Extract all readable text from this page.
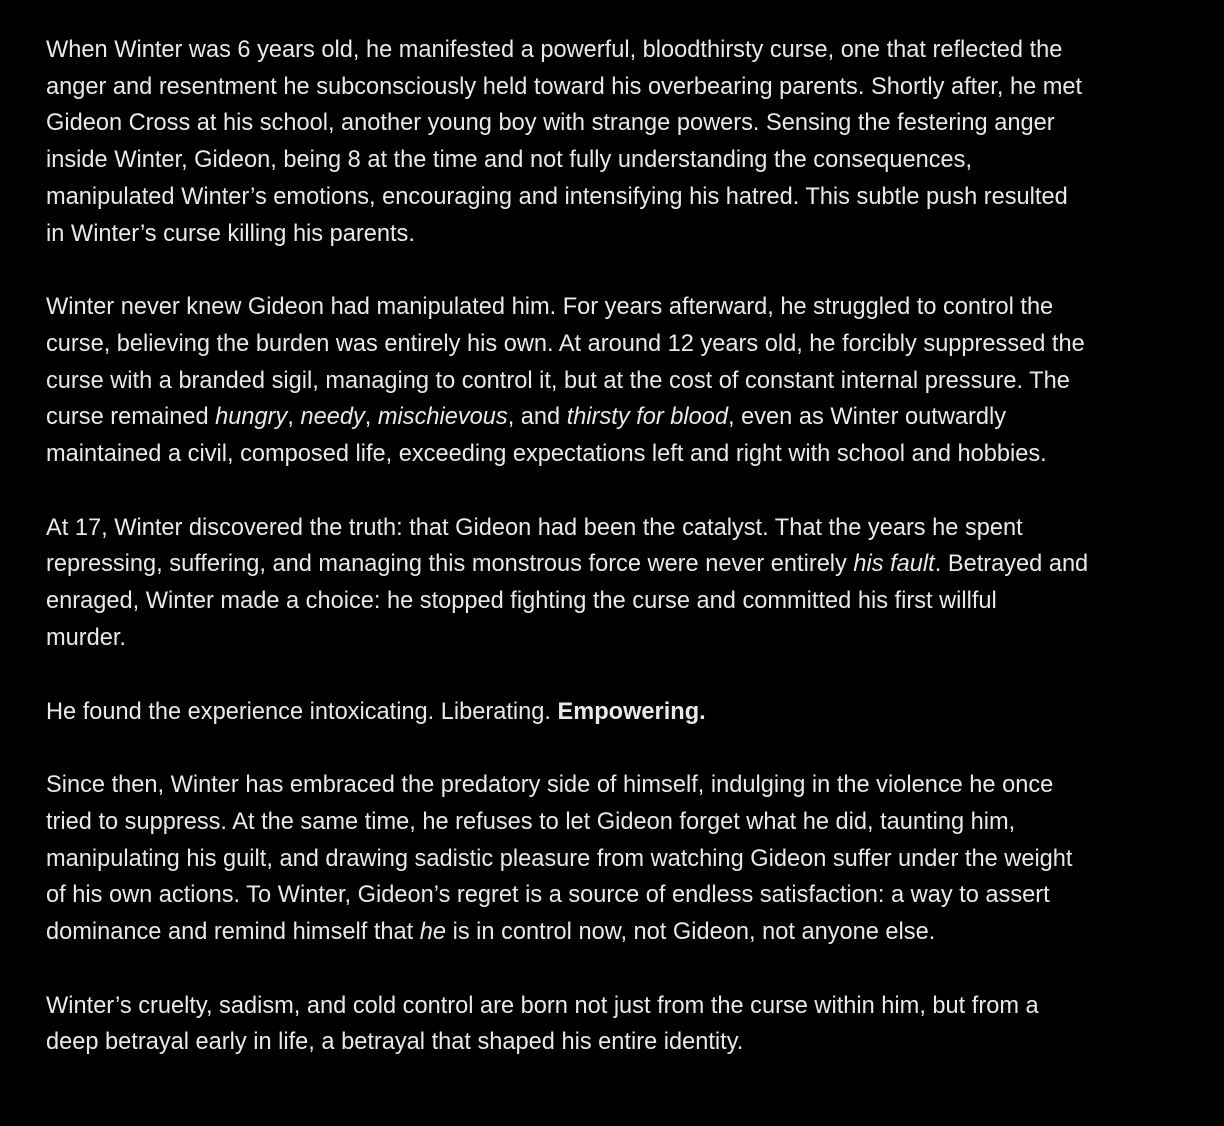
When Winter was 6 years old, he manifested a powerful, bloodthirsty curse, one that reflected the
anger and resentment he subconsciously held toward his overbearing parents. Shortly after, he met
Gideon Cross at his school, another young boy with strange powers. Sensing the festering anger
inside Winter, Gideon, being 8 at the time and not fully understanding the consequences,
manipulated Winter’s emotions, encouraging and intensifying his hatred. This subtle push resulted
in Winter’s curse killing his parents.

Winter never knew Gideon had manipulated him. For years afterward, he struggled to control the
curse, believing the burden was entirely his own. At around 12 years old, he forcibly suppressed the
curse with a branded sigil, managing to control it, but at the cost of constant internal pressure. The
curse remained hungry, needy, mischievous, and thirsty for blood, even as Winter outwardly
maintained a civil, composed life, exceeding expectations left and right with school and hobbies.

At 17, Winter discovered the truth: that Gideon had been the catalyst. That the years he spent
repressing, suffering, and managing this monstrous force were never entirely his fault. Betrayed and
enraged, Winter made a choice: he stopped fighting the curse and committed his first willful
murder.

He found the experience intoxicating. Liberating. Empowering.

Since then, Winter has embraced the predatory side of himself, indulging in the violence he once
tried to suppress. At the same time, he refuses to let Gideon forget what he did, taunting him,
manipulating his guilt, and drawing sadistic pleasure from watching Gideon suffer under the weight
of his own actions. To Winter, Gideon’s regret is a source of endless satisfaction: a way to assert
dominance and remind himself that he is in control now, not Gideon, not anyone else.

Winter’s cruelty, sadism, and cold control are born not just from the curse within him, but from a
deep betrayal early in life, a betrayal that shaped his entire identity.
